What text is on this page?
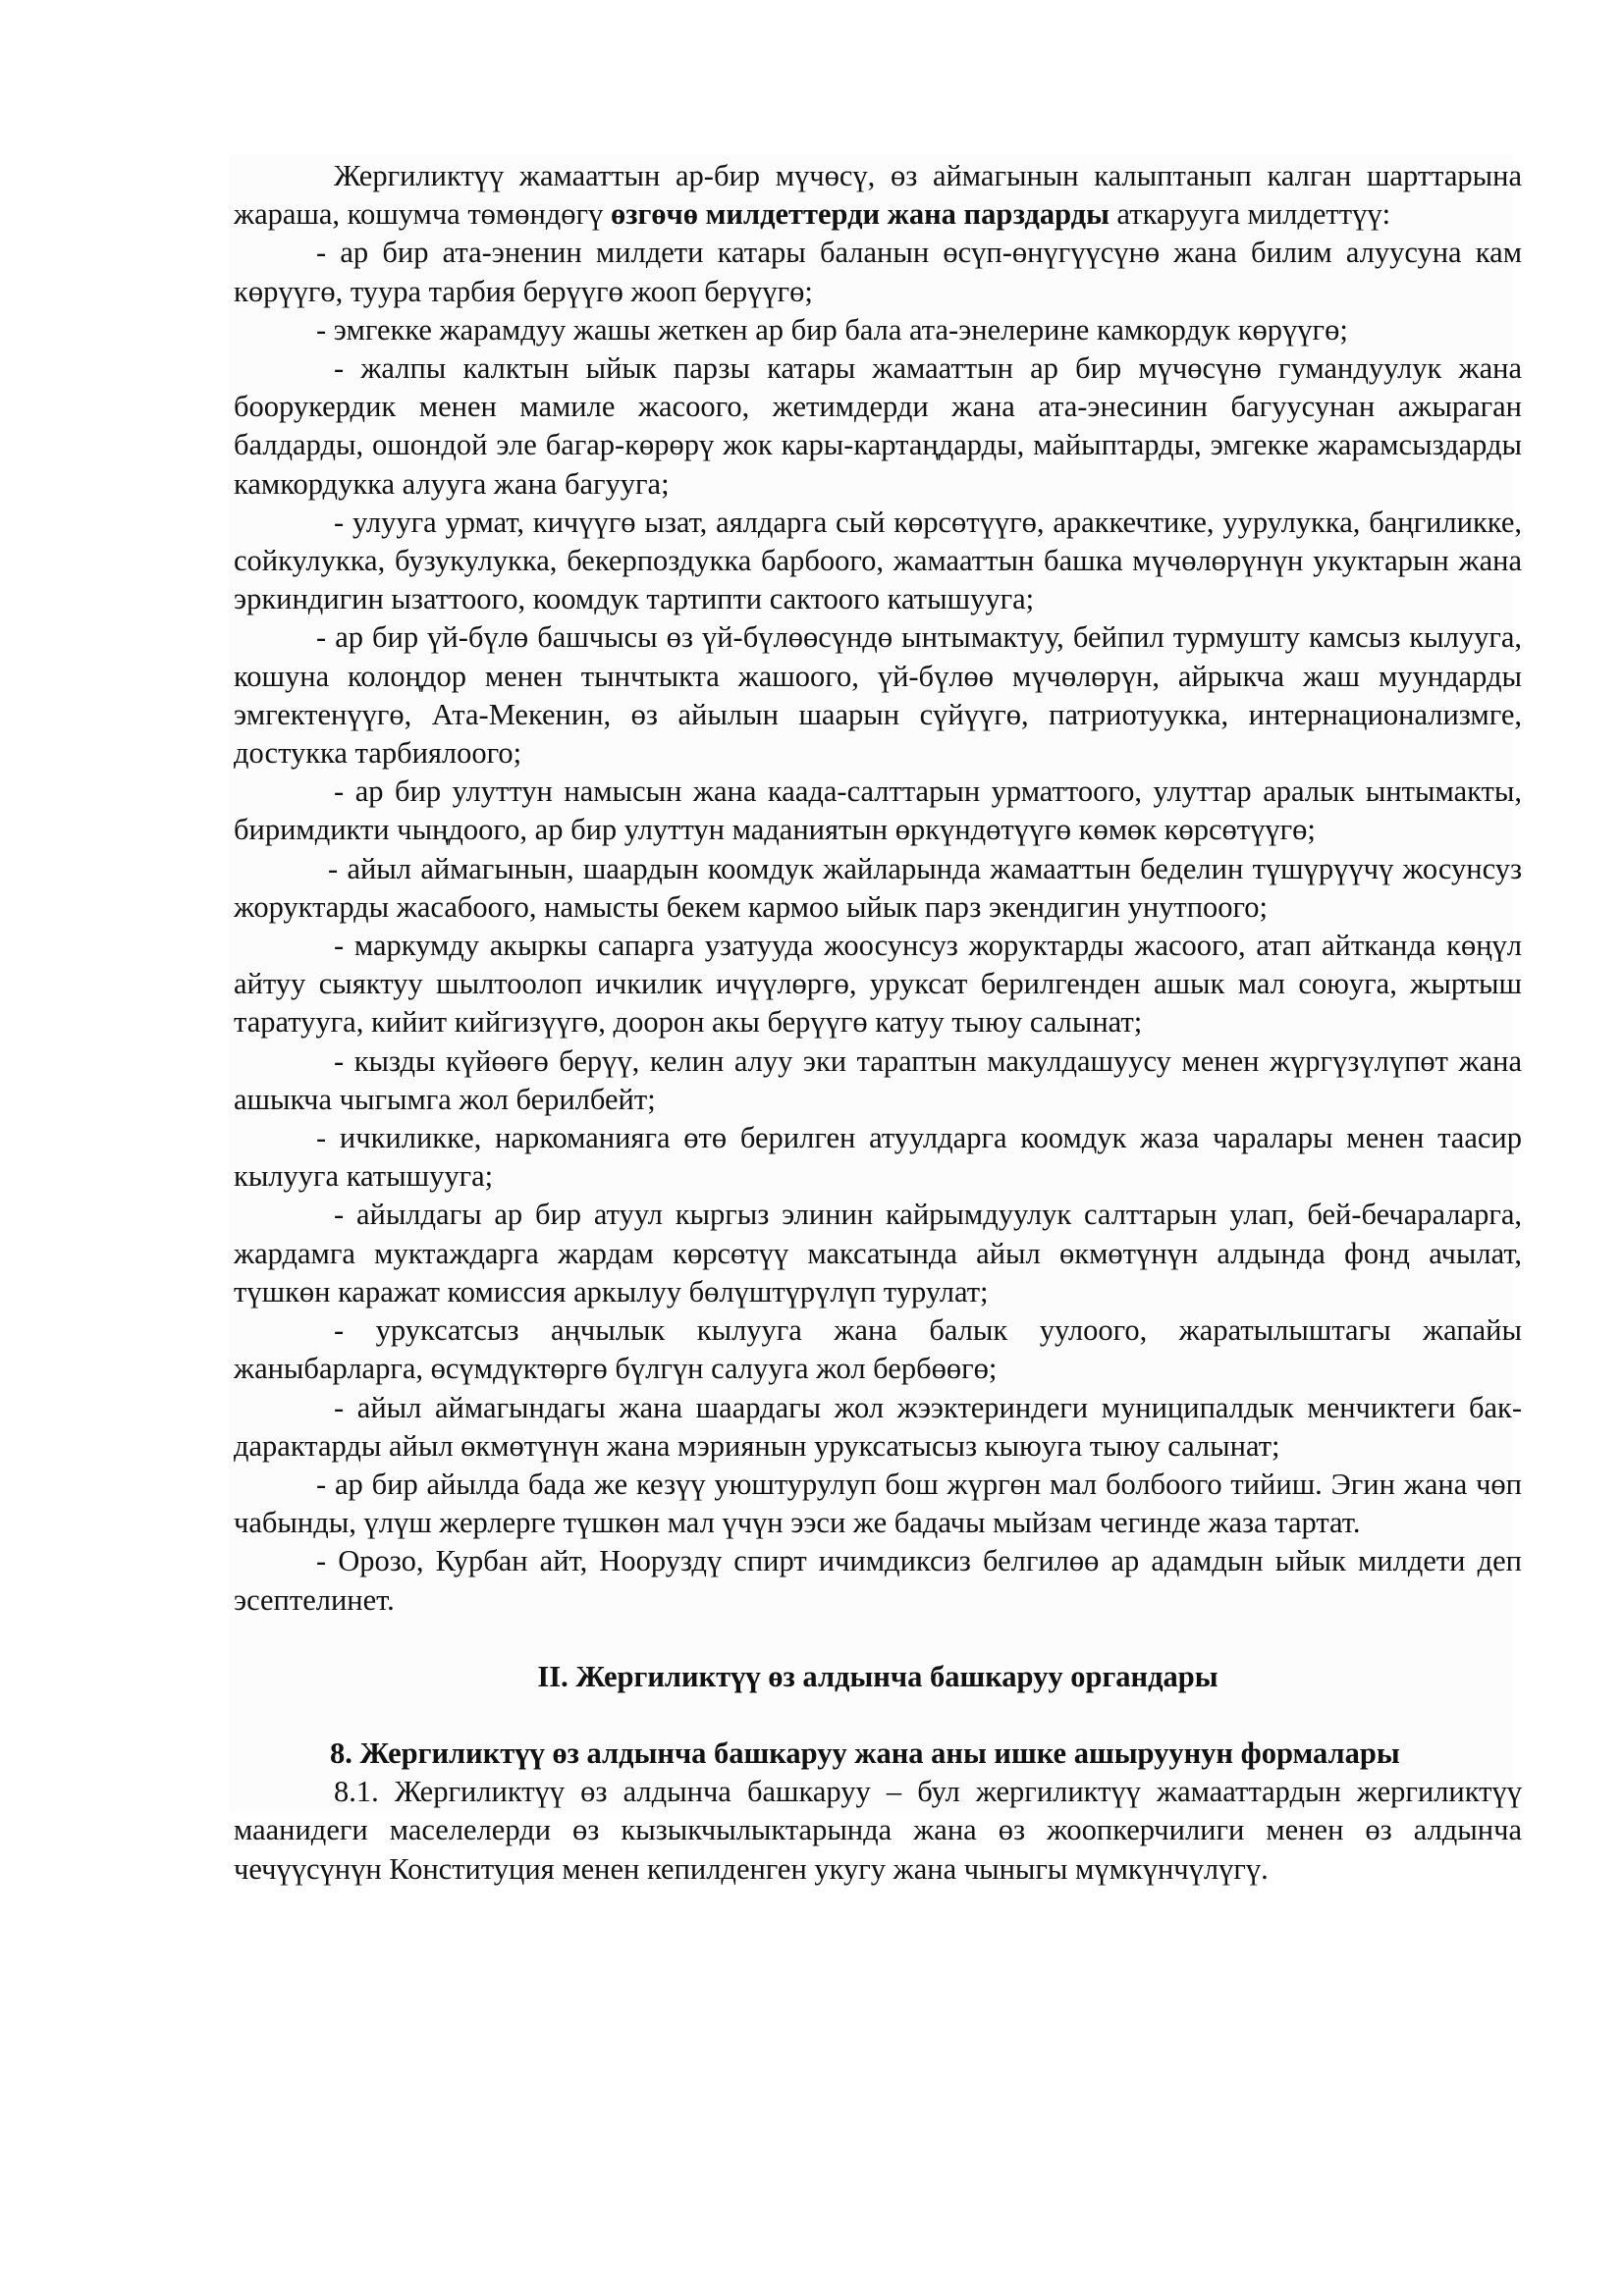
Жергиликтүү жамааттын ар-бир мүчөсү, өз аймагынын калыптанып калган шарттарына жараша, кошумча төмөндөгү өзгөчө милдеттерди жана парздарды аткарууга милдеттүү:

- ар бир ата-эненин милдети катары баланын өсүп-өнүгүүсүнө жана билим алуусуна кам көрүүгө, туура тарбия берүүгө жооп берүүгө;

- эмгекке жарамдуу жашы жеткен ар бир бала ата-энелерине камкордук көрүүгө;

- жалпы калктын ыйык парзы катары жамааттын ар бир мүчөсүнө гумандуулук жана боорукердик менен мамиле жасоого, жетимдерди жана ата-энесинин багуусунан ажыраган балдарды, ошондой эле багар-көрөрү жок кары-картаңдарды, майыптарды, эмгекке жарамсыздарды камкордукка алууга жана багууга;

- улууга урмат, кичүүгө ызат, аялдарга сый көрсөтүүгө, араккечтике, уурулукка, баңгиликке, сойкулукка, бузукулукка, бекерпоздукка барбоого, жамааттын башка мүчөлөрүнүн укуктарын жана эркиндигин ызаттоого, коомдук тартипти сактоого катышууга;

- ар бир үй-бүлө башчысы өз үй-бүлөөсүндө ынтымактуу, бейпил турмушту камсыз кылууга, кошуна колоңдор менен тынчтыкта жашоого, үй-бүлөө мүчөлөрүн, айрыкча жаш муундарды эмгектенүүгө, Ата-Мекенин, өз айылын шаарын сүйүүгө, патриотуукка, интернационализмге, достукка тарбиялоого;

- ар бир улуттун намысын жана каада-салттарын урматтоого, улуттар аралык ынтымакты, биримдикти чыңдоого, ар бир улуттун маданиятын өркүндөтүүгө көмөк көрсөтүүгө;

- айыл аймагынын, шаардын коомдук жайларында жамааттын беделин түшүрүүчү жосунсуз жоруктарды жасабоого, намысты бекем кармоо ыйык парз экендигин унутпоого;

- маркумду акыркы сапарга узатууда жоосунсуз жоруктарды жасоого, атап айтканда көңүл айтуу сыяктуу шылтоолоп ичкилик ичүүлөргө, уруксат берилгенден ашык мал союуга, жыртыш таратууга, кийит кийгизүүгө, доорон акы берүүгө катуу тыюу салынат;

- кызды күйөөгө берүү, келин алуу эки тараптын макулдашуусу менен жүргүзүлүпөт жана ашыкча чыгымга жол берилбейт;

- ичкиликке, наркоманияга өтө берилген атуулдарга коомдук жаза чаралары менен таасир кылууга катышууга;

- айылдагы ар бир атуул кыргыз элинин кайрымдуулук салттарын улап, бей-бечараларга, жардамга муктаждарга жардам көрсөтүү максатында айыл өкмөтүнүн алдында фонд ачылат, түшкөн каражат комиссия аркылуу бөлүштүрүлүп турулат;

- уруксатсыз аңчылык кылууга жана балык уулоого, жаратылыштагы жапайы жаныбарларга, өсүмдүктөргө бүлгүн салууга жол бербөөгө;

- айыл аймагындагы жана шаардагы жол жээктериндеги муниципалдык менчиктеги бак-дарактарды айыл өкмөтүнүн жана мэриянын уруксатысыз кыюуга тыюу салынат;

- ар бир айылда бада же кезүү уюштурулуп бош жүргөн мал болбоого тийиш. Эгин жана чөп чабынды, үлүш жерлерге түшкөн мал үчүн ээси же бадачы мыйзам чегинде жаза тартат.

- Орозо, Курбан айт, Нооруздү спирт ичимдиксиз белгилөө ар адамдын ыйык милдети деп эсептелинет.

II. Жергиликтүү өз алдынча башкаруу органдары

8. Жергиликтүү өз алдынча башкаруу жана аны ишке ашыруунун формалары

8.1. Жергиликтүү өз алдынча башкаруу – бул жергиликтүү жамааттардын жергиликтүү маанидеги маселелерди өз кызыкчылыктарында жана өз жоопкерчилиги менен өз алдынча чечүүсүнүн Конституция менен кепилденген укугу жана чыныгы мүмкүнчүлүгү.
